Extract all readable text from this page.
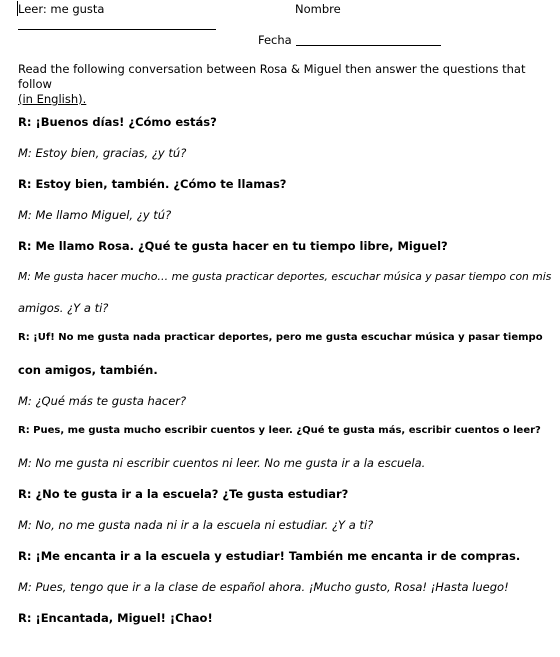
Leer: me gusta	Nombre
Fecha
Read the following conversation between Rosa & Miguel then answer the questions that follow
(in English).
R: ¡Buenos días! ¿Cómo estás?
M: Estoy bien, gracias, ¿y tú?
R: Estoy bien, también. ¿Cómo te llamas?
M: Me llamo Miguel, ¿y tú?
R: Me llamo Rosa. ¿Qué te gusta hacer en tu tiempo libre, Miguel?
M: Me gusta hacer mucho… me gusta practicar deportes, escuchar música y pasar tiempo con mis
amigos. ¿Y a ti?
R: ¡Uf! No me gusta nada practicar deportes, pero me gusta escuchar música y pasar tiempo
con amigos, también.
M: ¿Qué más te gusta hacer?
R: Pues, me gusta mucho escribir cuentos y leer. ¿Qué te gusta más, escribir cuentos o leer?
M: No me gusta ni escribir cuentos ni leer. No me gusta ir a la escuela.
R: ¿No te gusta ir a la escuela? ¿Te gusta estudiar?
M: No, no me gusta nada ni ir a la escuela ni estudiar. ¿Y a ti?
R: ¡Me encanta ir a la escuela y estudiar! También me encanta ir de compras.
M: Pues, tengo que ir a la clase de español ahora. ¡Mucho gusto, Rosa! ¡Hasta luego!
R: ¡Encantada, Miguel! ¡Chao!
